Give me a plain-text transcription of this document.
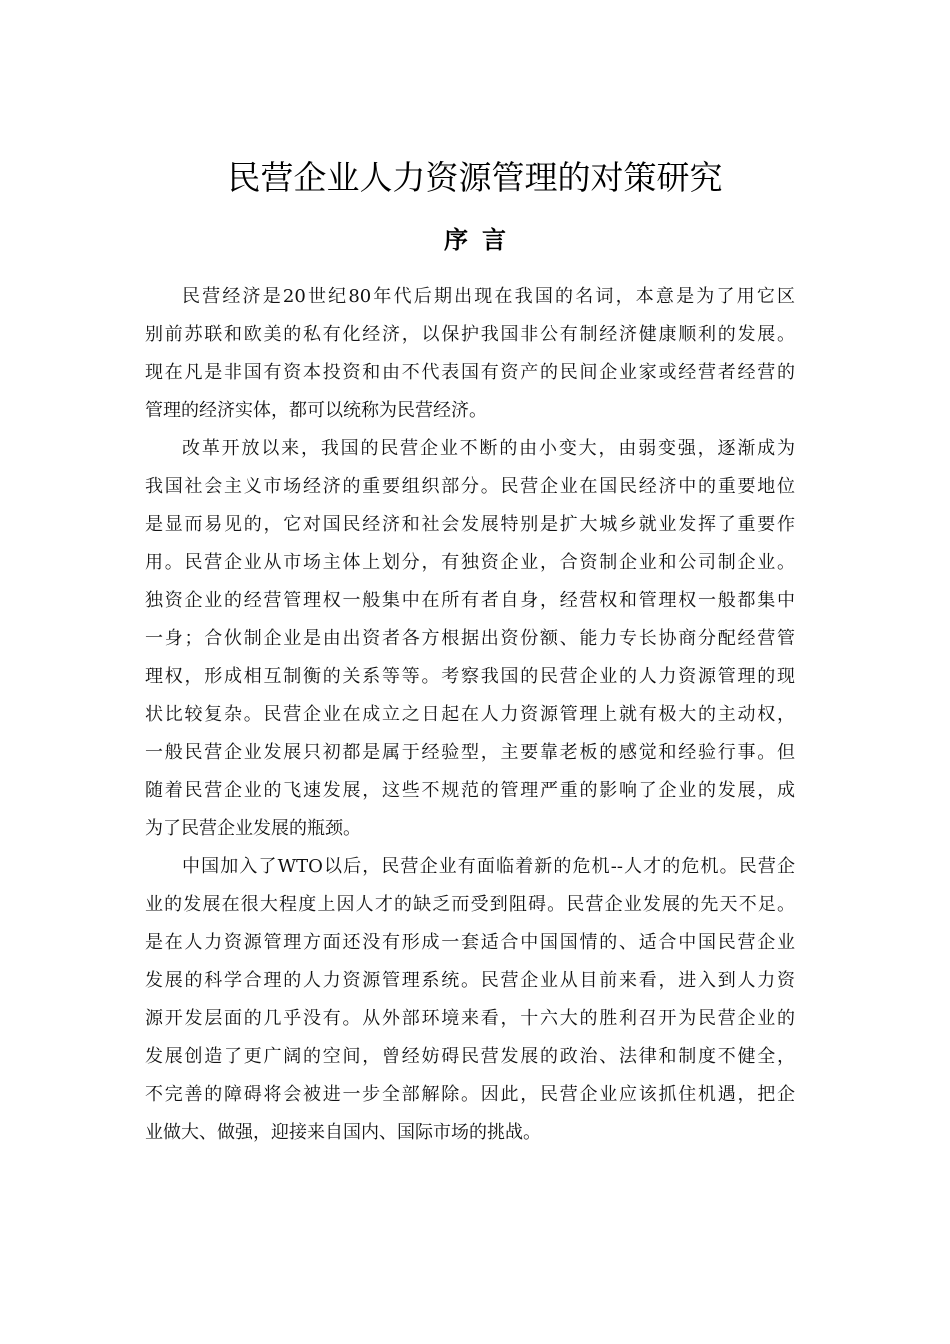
民营企业人力资源管理的对策研究
序言

民营经济是20世纪80年代后期出现在我国的名词，本意是为了用它区
别前苏联和欧美的私有化经济，以保护我国非公有制经济健康顺利的发展。
现在凡是非国有资本投资和由不代表国有资产的民间企业家或经营者经营的
管理的经济实体，都可以统称为民营经济。

改革开放以来，我国的民营企业不断的由小变大，由弱变强，逐渐成为
我国社会主义市场经济的重要组织部分。民营企业在国民经济中的重要地位
是显而易见的，它对国民经济和社会发展特别是扩大城乡就业发挥了重要作
用。民营企业从市场主体上划分，有独资企业，合资制企业和公司制企业。
独资企业的经营管理权一般集中在所有者自身，经营权和管理权一般都集中
一身；合伙制企业是由出资者各方根据出资份额、能力专长协商分配经营管
理权，形成相互制衡的关系等等。考察我国的民营企业的人力资源管理的现
状比较复杂。民营企业在成立之日起在人力资源管理上就有极大的主动权，
一般民营企业发展只初都是属于经验型，主要靠老板的感觉和经验行事。但
随着民营企业的飞速发展，这些不规范的管理严重的影响了企业的发展，成
为了民营企业发展的瓶颈。

中国加入了WTO以后，民营企业有面临着新的危机--人才的危机。民营企
业的发展在很大程度上因人才的缺乏而受到阻碍。民营企业发展的先天不足。
是在人力资源管理方面还没有形成一套适合中国国情的、适合中国民营企业
发展的科学合理的人力资源管理系统。民营企业从目前来看，进入到人力资
源开发层面的几乎没有。从外部环境来看，十六大的胜利召开为民营企业的
发展创造了更广阔的空间，曾经妨碍民营发展的政治、法律和制度不健全，
不完善的障碍将会被进一步全部解除。因此，民营企业应该抓住机遇，把企
业做大、做强，迎接来自国内、国际市场的挑战。
